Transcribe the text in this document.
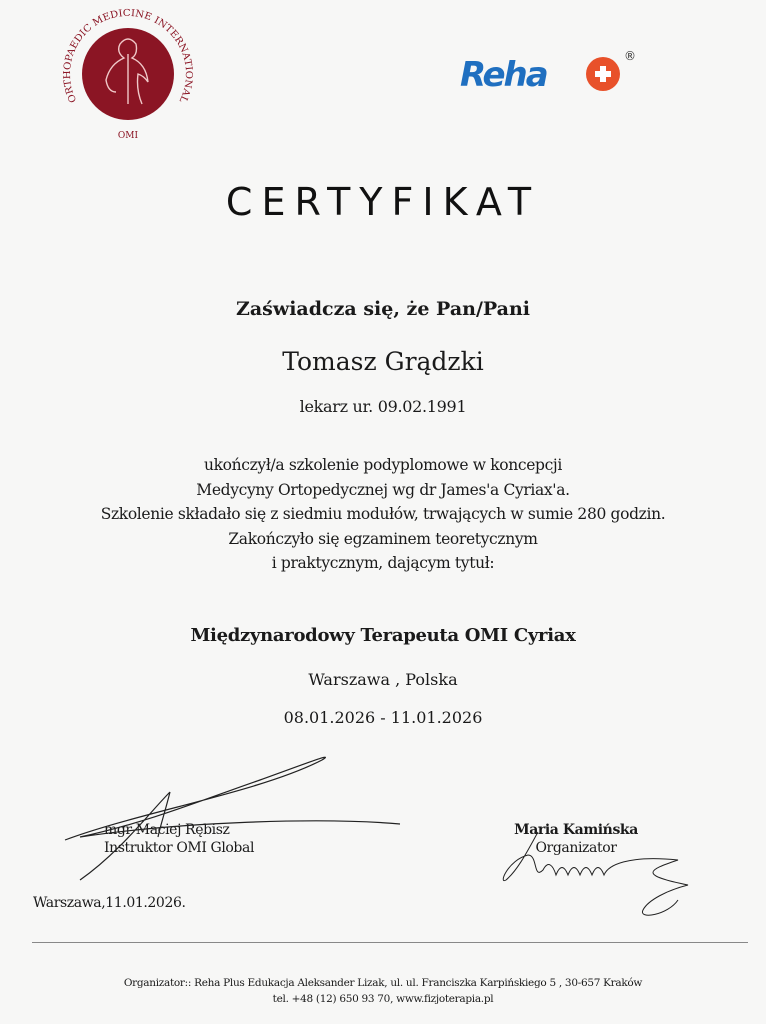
ORTHOPAEDIC MEDICINE INTERNATIONAL
OMI
Reha	®
CERTYFIKAT
Zaświadcza się, że Pan/Pani
Tomasz Grądzki
lekarz ur. 09.02.1991
ukończył/a szkolenie podyplomowe w koncepcji
Medycyny Ortopedycznej wg dr James'a Cyriax'a.
Szkolenie składało się z siedmiu modułów, trwających w sumie 280 godzin.
Zakończyło się egzaminem teoretycznym
i praktycznym, dającym tytuł:
Międzynarodowy Terapeuta OMI Cyriax
Warszawa , Polska
08.01.2026 - 11.01.2026
mgr Maciej Rębisz
Instruktor OMI Global
Maria Kamińska
Organizator
Warszawa,11.01.2026.
Organizator:: Reha Plus Edukacja Aleksander Lizak, ul. ul. Franciszka Karpińskiego 5 , 30-657 Kraków
tel. +48 (12) 650 93 70, www.fizjoterapia.pl
